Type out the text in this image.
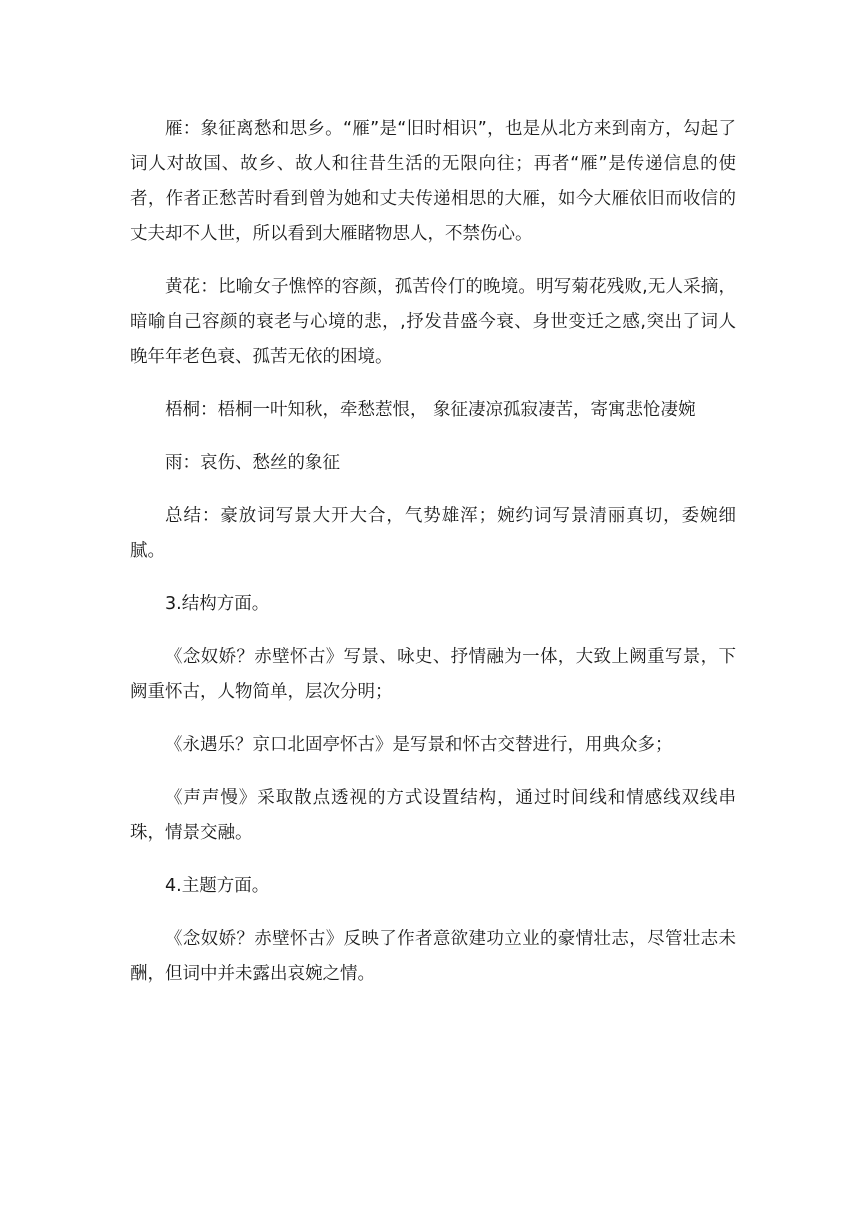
雁：象征离愁和思乡。“雁”是“旧时相识”，也是从北方来到南方，勾起了词人对故国、故乡、故人和往昔生活的无限向往；再者“雁”是传递信息的使者，作者正愁苦时看到曾为她和丈夫传递相思的大雁，如今大雁依旧而收信的丈夫却不人世，所以看到大雁睹物思人，不禁伤心。

黄花：比喻女子憔悴的容颜，孤苦伶仃的晚境。明写菊花残败,无人采摘，暗喻自己容颜的衰老与心境的悲，,抒发昔盛今衰、身世变迁之感,突出了词人晚年年老色衰、孤苦无依的困境。

梧桐：梧桐一叶知秋，牵愁惹恨， 象征凄凉孤寂凄苦，寄寓悲怆凄婉

雨：哀伤、愁丝的象征

总结：豪放词写景大开大合，气势雄浑；婉约词写景清丽真切，委婉细腻。

3.结构方面。

《念奴娇？赤壁怀古》写景、咏史、抒情融为一体，大致上阙重写景，下阙重怀古，人物简单，层次分明；

《永遇乐？京口北固亭怀古》是写景和怀古交替进行，用典众多；

《声声慢》采取散点透视的方式设置结构，通过时间线和情感线双线串珠，情景交融。

4.主题方面。

《念奴娇？赤壁怀古》反映了作者意欲建功立业的豪情壮志，尽管壮志未酬，但词中并未露出哀婉之情。
